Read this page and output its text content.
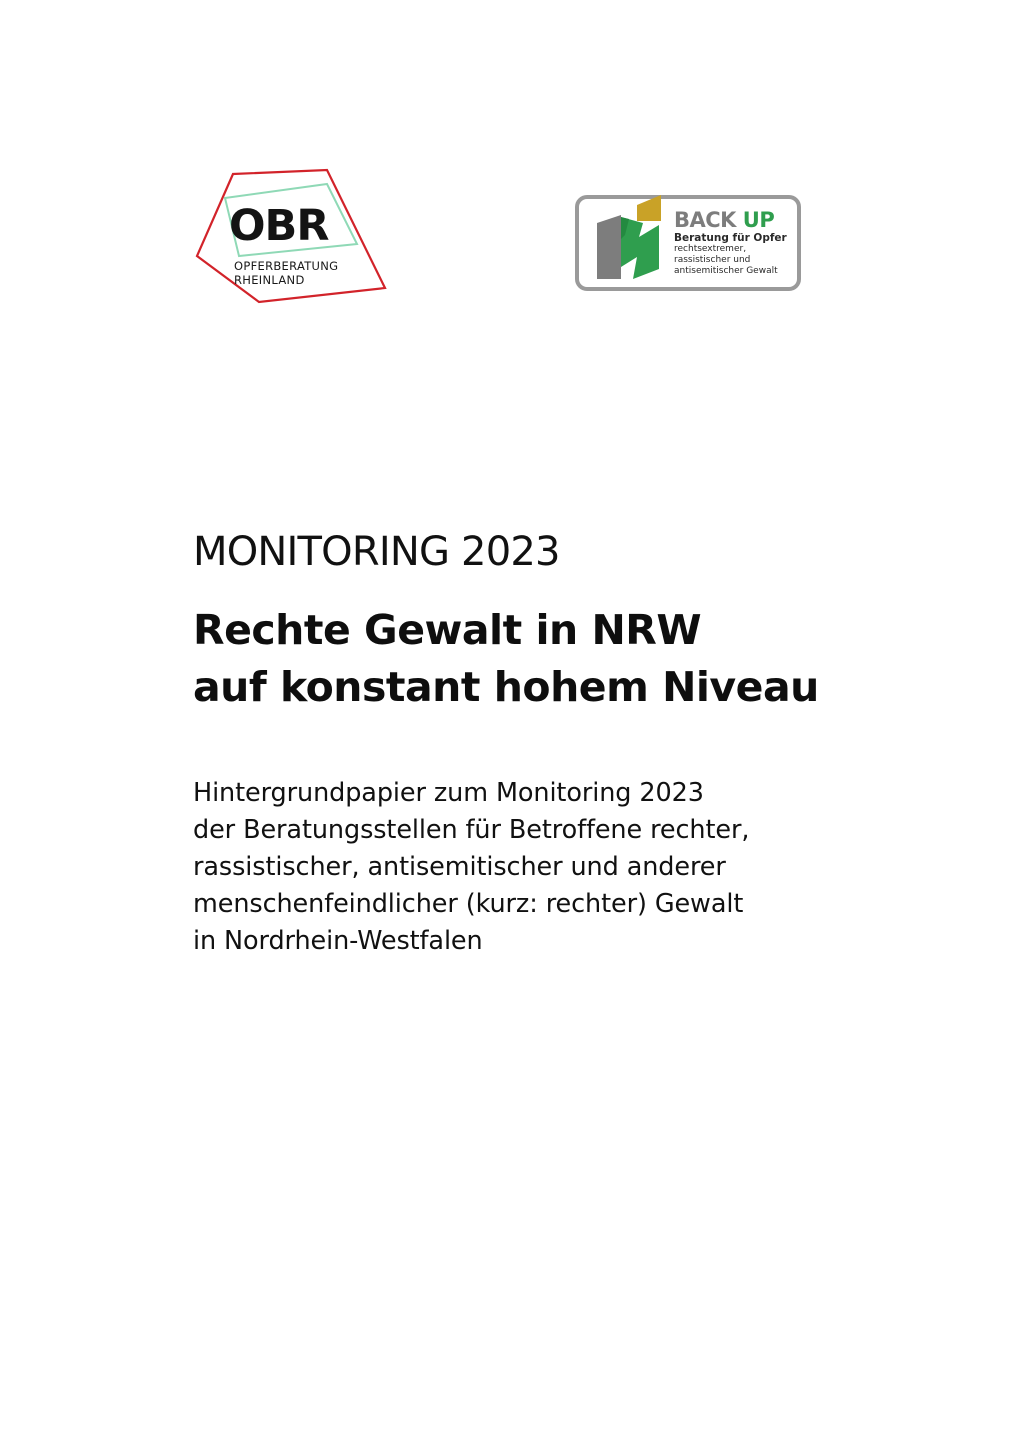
OBR

OPFERBERATUNG
RHEINLAND

BACK UP
Beratung für Opfer
rechtsextremer,
rassistischer und
antisemitischer Gewalt

MONITORING 2023
Rechte Gewalt in NRW
auf konstant hohem Niveau

Hintergrundpapier zum Monitoring 2023
der Beratungsstellen für Betroffene rechter,
rassistischer, antisemitischer und anderer
menschenfeindlicher (kurz: rechter) Gewalt
in Nordrhein-Westfalen
